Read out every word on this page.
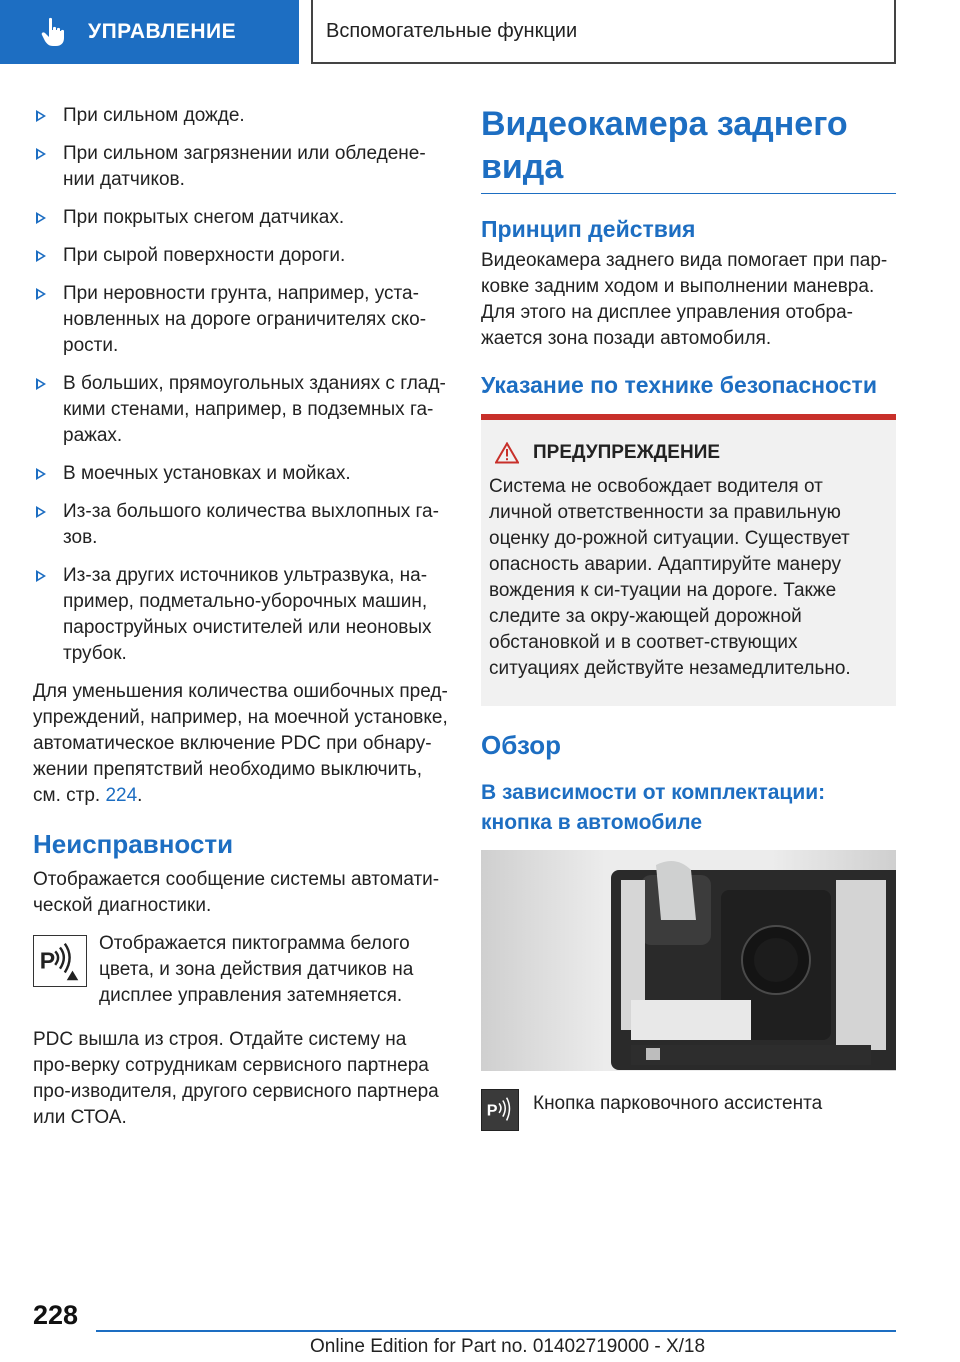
УПРАВЛЕНИЕ	Вспомогательные функции
При сильном дожде.
При сильном загрязнении или обледене-нии датчиков.
При покрытых снегом датчиках.
При сырой поверхности дороги.
При неровности грунта, например, уста-новленных на дороге ограничителях ско-рости.
В больших, прямоугольных зданиях с глад-кими стенами, например, в подземных га-ражах.
В моечных установках и мойках.
Из-за большого количества выхлопных га-зов.
Из-за других источников ультразвука, на-пример, подметально-уборочных машин, пароструйных очистителей или неоновых трубок.

Для уменьшения количества ошибочных пред-упреждений, например, на моечной установке, автоматическое включение PDC при обнару-жении препятствий необходимо выключить, см. стр. 224.

Неисправности

Отображается сообщение системы автомати-ческой диагностики.

P
Отображается пиктограмма белого цвета, и зона действия датчиков на дисплее управления затемняется.

PDC вышла из строя. Отдайте систему на про-верку сотрудникам сервисного партнера про-изводителя, другого сервисного партнера или СТОА.

Видеокамера заднего вида
Принцип действия

Видеокамера заднего вида помогает при пар-ковке задним ходом и выполнении маневра. Для этого на дисплее управления отобра-жается зона позади автомобиля.

Указание по технике безопасности
ПРЕДУПРЕЖДЕНИЕ

Система не освобождает водителя от личной ответственности за правильную оценку до-рожной ситуации. Существует опасность аварии. Адаптируйте манеру вождения к си-туации на дороге. Также следите за окру-жающей дорожной обстановкой и в соответ-ствующих ситуациях действуйте незамедлительно.

Обзор
В зависимости от комплектации: кнопка в автомобиле
P Кнопка парковочного ассистента
228
Online Edition for Part no. 01402719000 - X/18
